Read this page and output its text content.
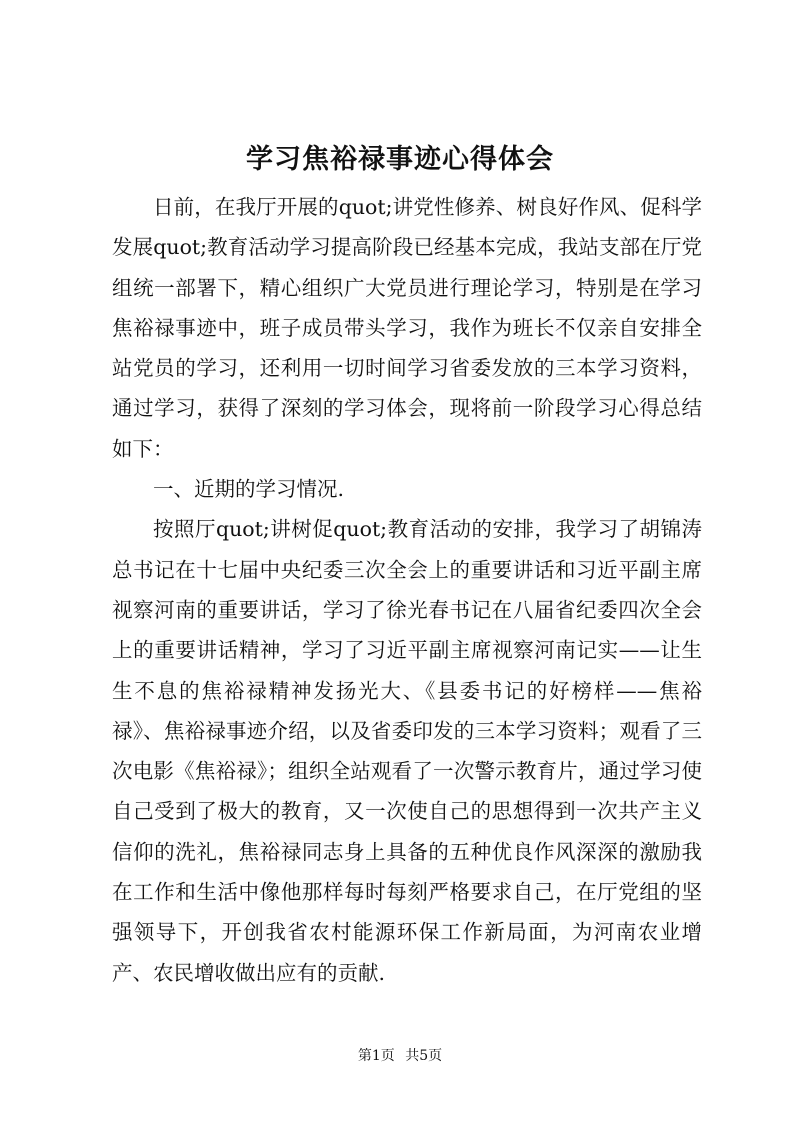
学习焦裕禄事迹心得体会

日前，在我厅开展的quot;讲党性修养、树良好作风、促科学发展quot;教育活动学习提高阶段已经基本完成，我站支部在厅党组统一部署下，精心组织广大党员进行理论学习，特别是在学习焦裕禄事迹中，班子成员带头学习，我作为班长不仅亲自安排全站党员的学习，还利用一切时间学习省委发放的三本学习资料，通过学习，获得了深刻的学习体会，现将前一阶段学习心得总结如下：

一、近期的学习情况.

按照厅quot;讲树促quot;教育活动的安排，我学习了胡锦涛总书记在十七届中央纪委三次全会上的重要讲话和习近平副主席视察河南的重要讲话，学习了徐光春书记在八届省纪委四次全会上的重要讲话精神，学习了习近平副主席视察河南记实——让生生不息的焦裕禄精神发扬光大、《县委书记的好榜样——焦裕禄》、焦裕禄事迹介绍，以及省委印发的三本学习资料；观看了三次电影《焦裕禄》；组织全站观看了一次警示教育片，通过学习使自己受到了极大的教育，又一次使自己的思想得到一次共产主义信仰的洗礼，焦裕禄同志身上具备的五种优良作风深深的激励我在工作和生活中像他那样每时每刻严格要求自己，在厅党组的坚强领导下，开创我省农村能源环保工作新局面，为河南农业增产、农民增收做出应有的贡献.

第1页 共5页
